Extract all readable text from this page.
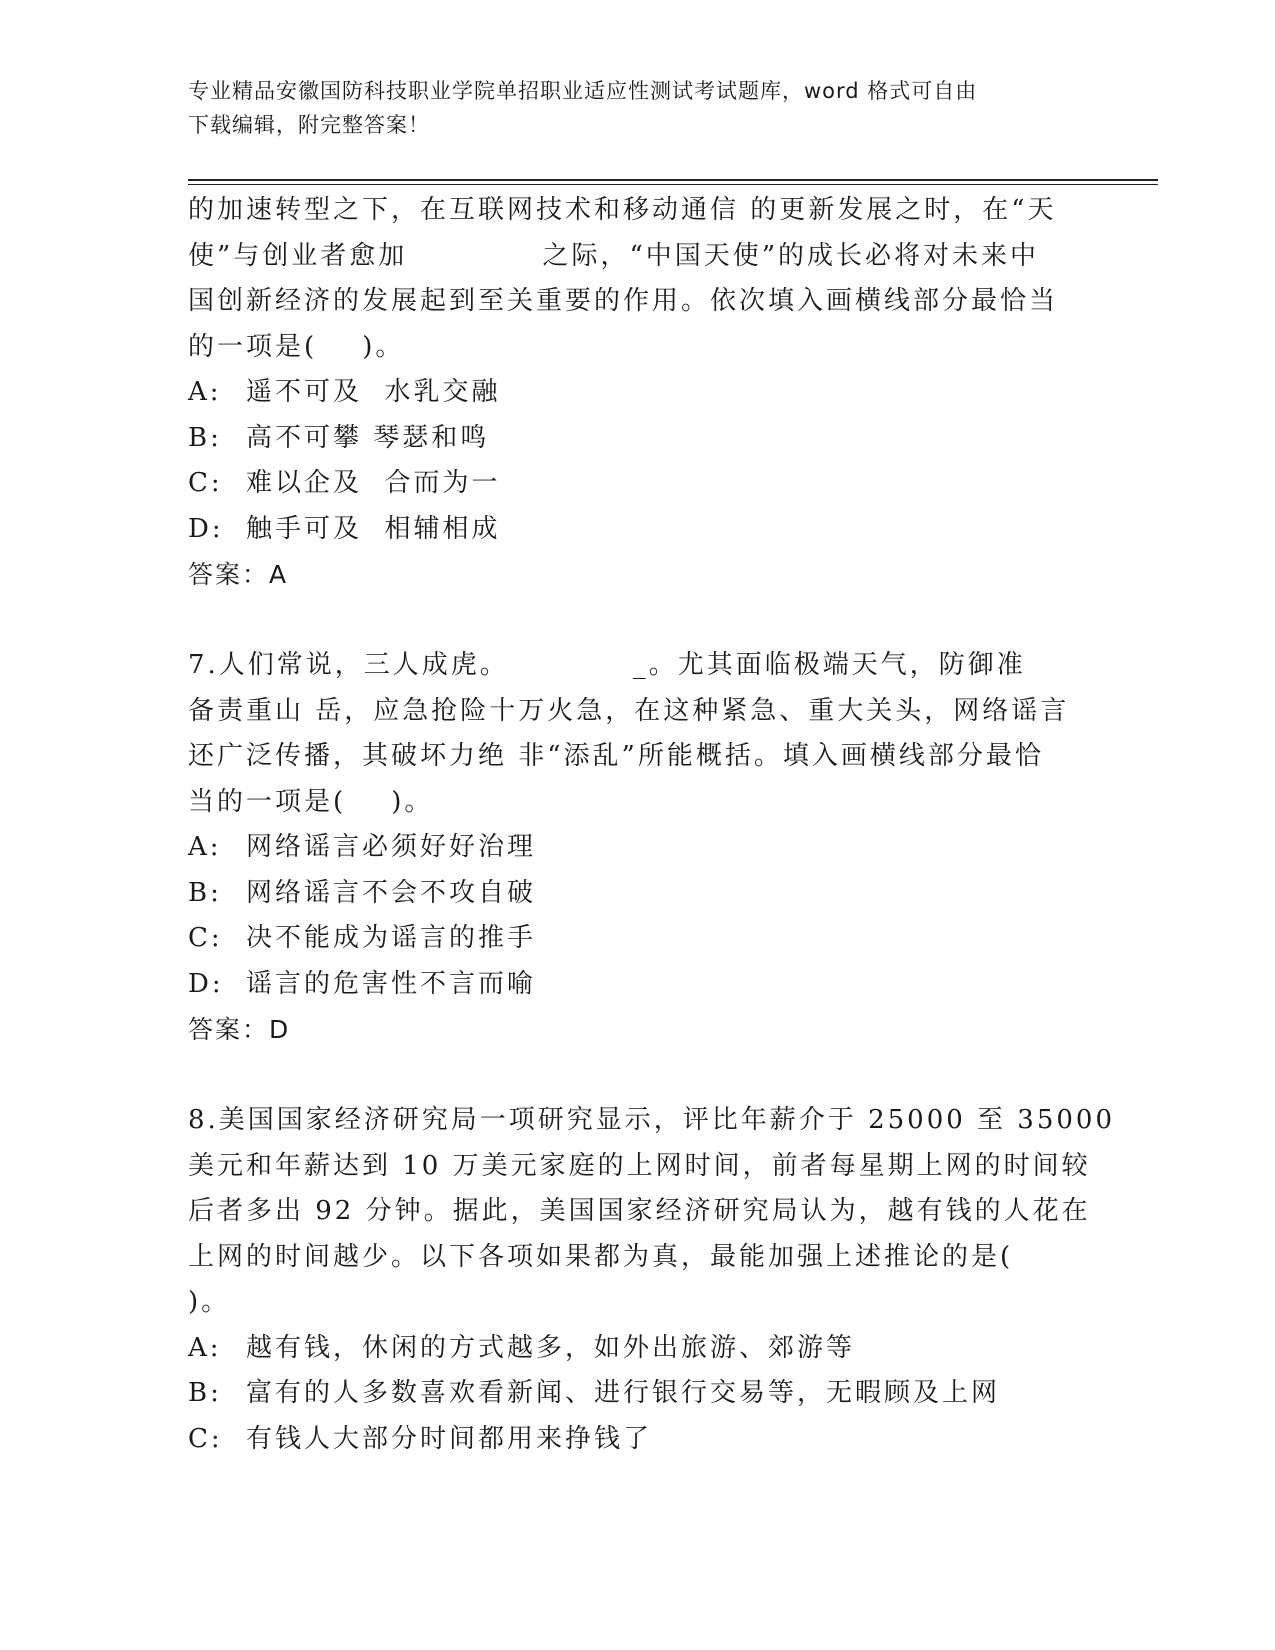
专业精品安徽国防科技职业学院单招职业适应性测试考试题库，word 格式可自由
下载编辑，附完整答案！
的加速转型之下，在互联网技术和移动通信 的更新发展之时，在“天
使”与创业者愈加            之际，“中国天使”的成长必将对未来中
国创新经济的发展起到至关重要的作用。依次填入画横线部分最恰当
的一项是(    )。
A: 遥不可及  水乳交融
B: 高不可攀 琴瑟和鸣
C: 难以企及  合而为一
D: 触手可及  相辅相成
答案：A
7.人们常说，三人成虎。           _。尤其面临极端天气，防御准
备责重山 岳，应急抢险十万火急，在这种紧急、重大关头，网络谣言
还广泛传播，其破坏力绝 非“添乱”所能概括。填入画横线部分最恰
当的一项是(    )。
A: 网络谣言必须好好治理
B: 网络谣言不会不攻自破
C: 决不能成为谣言的推手
D: 谣言的危害性不言而喻
答案：D
8.美国国家经济研究局一项研究显示，评比年薪介于 25000 至 35000
美元和年薪达到 10 万美元家庭的上网时间，前者每星期上网的时间较
后者多出 92 分钟。据此，美国国家经济研究局认为，越有钱的人花在
上网的时间越少。以下各项如果都为真，最能加强上述推论的是(
)。
A: 越有钱，休闲的方式越多，如外出旅游、郊游等
B: 富有的人多数喜欢看新闻、进行银行交易等，无暇顾及上网
C: 有钱人大部分时间都用来挣钱了
